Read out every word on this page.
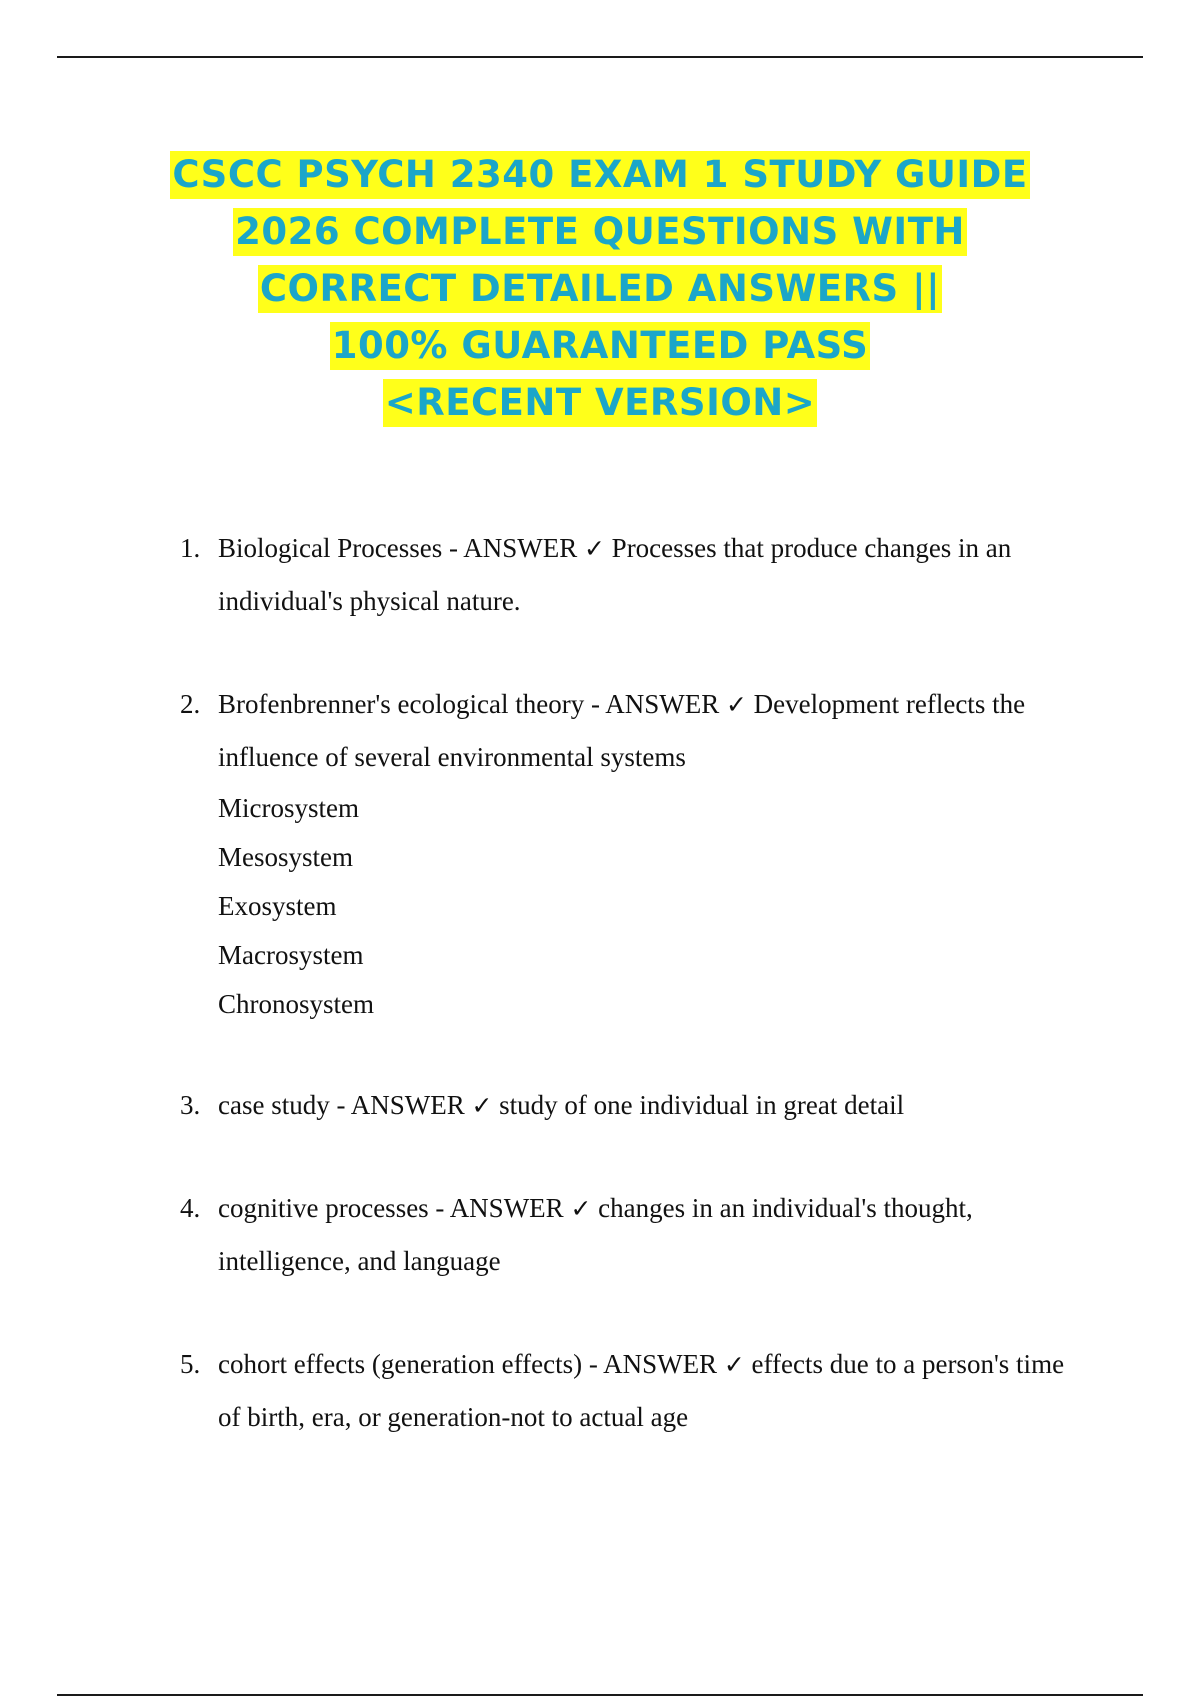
CSCC PSYCH 2340 EXAM 1 STUDY GUIDE
2026 COMPLETE QUESTIONS WITH
CORRECT DETAILED ANSWERS ||
100% GUARANTEED PASS
<RECENT VERSION>
1. Biological Processes - ANSWER ✓ Processes that produce changes in an individual's physical nature.
2. Brofenbrenner's ecological theory - ANSWER ✓ Development reflects the influence of several environmental systems
Microsystem
Mesosystem
Exosystem
Macrosystem
Chronosystem
3. case study - ANSWER ✓ study of one individual in great detail
4. cognitive processes - ANSWER ✓ changes in an individual's thought, intelligence, and language
5. cohort effects (generation effects) - ANSWER ✓ effects due to a person's time of birth, era, or generation-not to actual age
